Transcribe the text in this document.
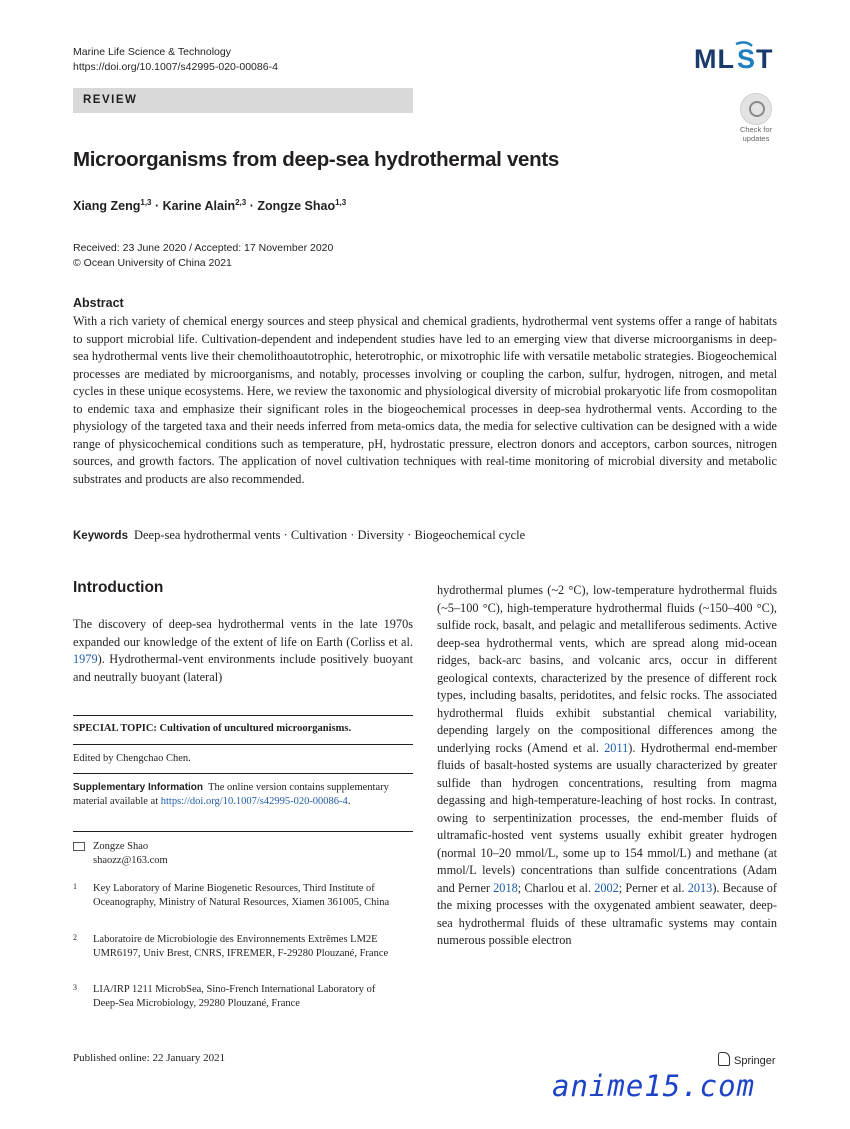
Marine Life Science & Technology
https://doi.org/10.1007/s42995-020-00086-4	ML S T
REVIEW
Check for
updates
Microorganisms from deep-sea hydrothermal vents
Xiang Zeng$^{1,3}$ · Karine Alain$^{2,3}$ · Zongze Shao$^{1,3}$
Received: 23 June 2020 / Accepted: 17 November 2020
© Ocean University of China 2021
Abstract
With a rich variety of chemical energy sources and steep physical and chemical gradients, hydrothermal vent systems offer a range of habitats to support microbial life. Cultivation-dependent and independent studies have led to an emerging view that diverse microorganisms in deep-sea hydrothermal vents live their chemolithoautotrophic, heterotrophic, or mixotrophic life with versatile metabolic strategies. Biogeochemical processes are mediated by microorganisms, and notably, processes involving or coupling the carbon, sulfur, hydrogen, nitrogen, and metal cycles in these unique ecosystems. Here, we review the taxonomic and physiological diversity of microbial prokaryotic life from cosmopolitan to endemic taxa and emphasize their significant roles in the biogeochemical processes in deep-sea hydrothermal vents. According to the physiology of the targeted taxa and their needs inferred from meta-omics data, the media for selective cultivation can be designed with a wide range of physicochemical conditions such as temperature, pH, hydrostatic pressure, electron donors and acceptors, carbon sources, nitrogen sources, and growth factors. The application of novel cultivation techniques with real-time monitoring of microbial diversity and metabolic substrates and products are also recommended.
Keywords Deep-sea hydrothermal vents · Cultivation · Diversity · Biogeochemical cycle
Introduction
The discovery of deep-sea hydrothermal vents in the late 1970s expanded our knowledge of the extent of life on Earth (Corliss et al. 1979). Hydrothermal-vent environments include positively buoyant and neutrally buoyant (lateral)
hydrothermal plumes (~2 °C), low-temperature hydrothermal fluids (~5–100 °C), high-temperature hydrothermal fluids (~150–400 °C), sulfide rock, basalt, and pelagic and metalliferous sediments. Active deep-sea hydrothermal vents, which are spread along mid-ocean ridges, back-arc basins, and volcanic arcs, occur in different geological contexts, characterized by the presence of different rock types, including basalts, peridotites, and felsic rocks. The associated hydrothermal fluids exhibit substantial chemical variability, depending largely on the compositional differences among the underlying rocks (Amend et al. 2011). Hydrothermal end-member fluids of basalt-hosted systems are usually characterized by greater sulfide than hydrogen concentrations, resulting from magma degassing and high-temperature-leaching of host rocks. In contrast, owing to serpentinization processes, the end-member fluids of ultramafic-hosted vent systems usually exhibit greater hydrogen (normal 10–20 mmol/L, some up to 154 mmol/L) and methane (at mmol/L levels) concentrations than sulfide concentrations (Adam and Perner 2018; Charlou et al. 2002; Perner et al. 2013). Because of the mixing processes with the oxygenated ambient seawater, deep-sea hydrothermal fluids of these ultramafic systems may contain numerous possible electron
SPECIAL TOPIC: Cultivation of uncultured microorganisms.
Edited by Chengchao Chen.
Supplementary Information The online version contains supplementary material available at https://doi.org/10.1007/s42995-020-00086-4.
Zongze Shao
shaozz@163.com
1 Key Laboratory of Marine Biogenetic Resources, Third Institute of Oceanography, Ministry of Natural Resources, Xiamen 361005, China
2 Laboratoire de Microbiologie des Environnements Extrêmes LM2E UMR6197, Univ Brest, CNRS, IFREMER, F-29280 Plouzané, France
3 LIA/IRP 1211 MicrobSea, Sino-French International Laboratory of Deep-Sea Microbiology, 29280 Plouzané, France
Published online: 22 January 2021	Springer
anime15.com
